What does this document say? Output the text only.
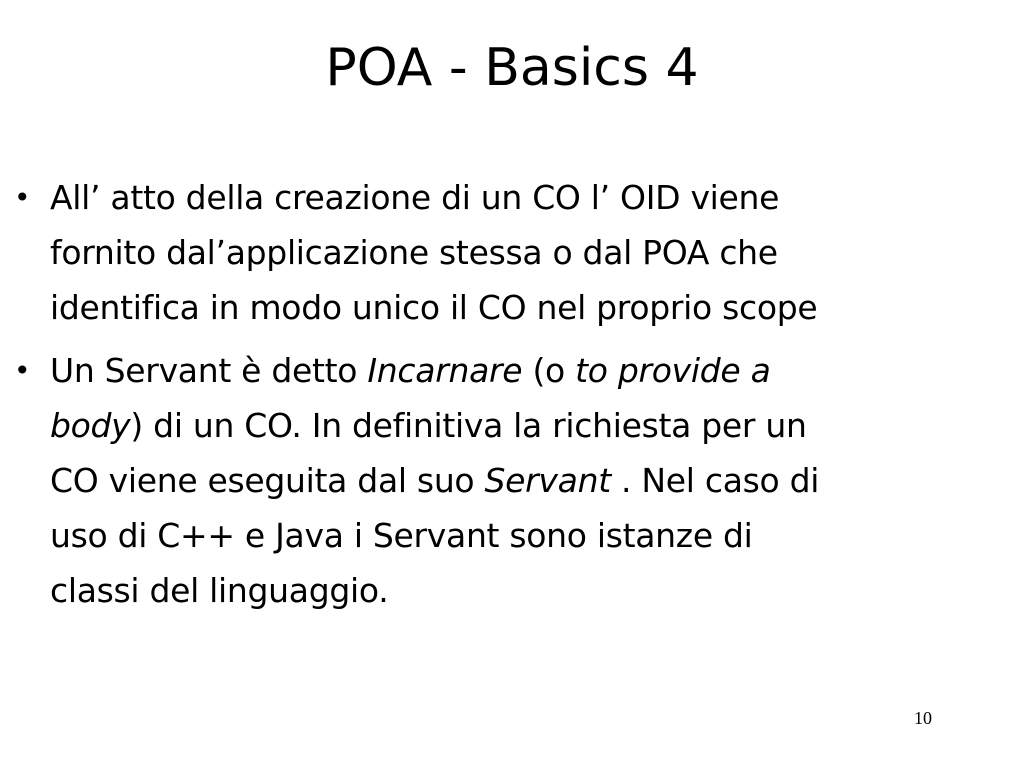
POA - Basics 4
• All’ atto della creazione di un CO l’ OID viene
fornito dal’applicazione stessa o dal POA che
identifica in modo unico il CO nel proprio scope
• Un Servant è detto Incarnare (o to provide a
body) di un CO. In definitiva la richiesta per un
CO viene eseguita dal suo Servant . Nel caso di
uso di C++ e Java i Servant sono istanze di
classi del linguaggio.
10
